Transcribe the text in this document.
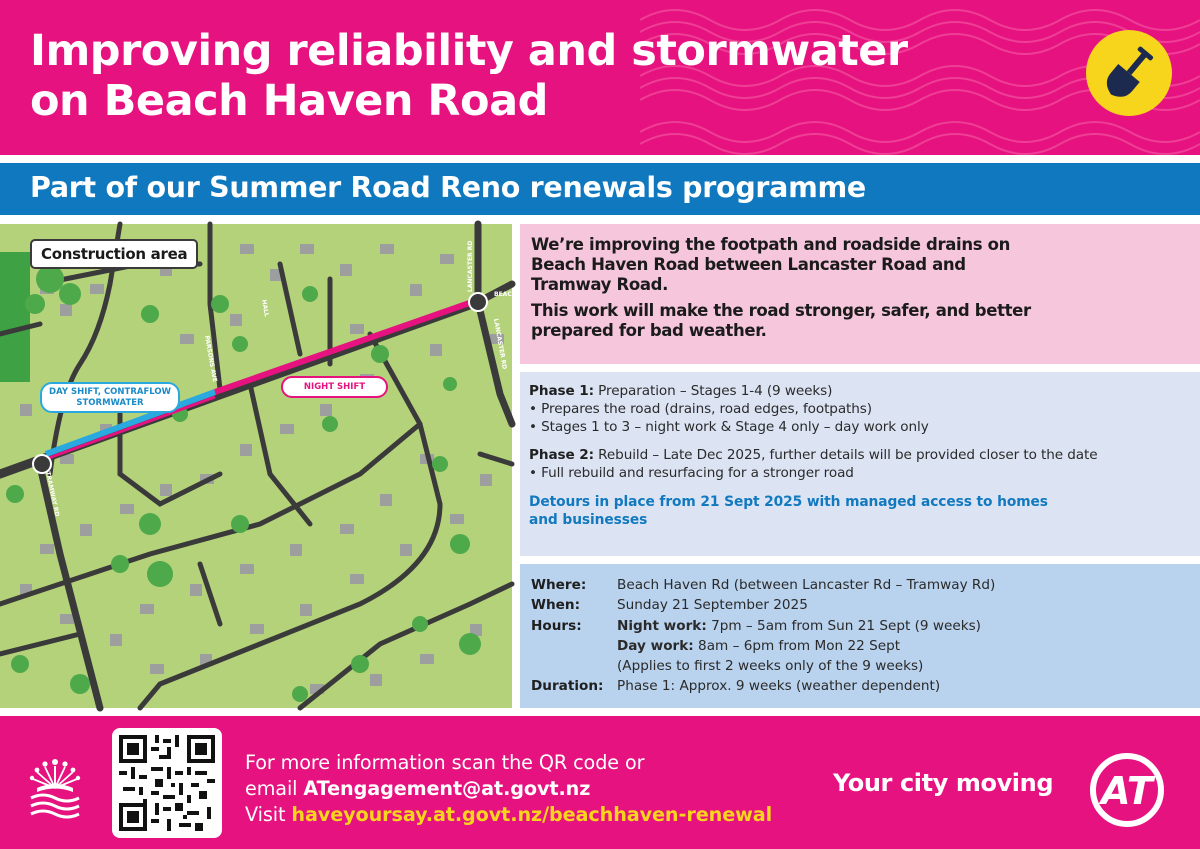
Improving reliability and stormwater
on Beach Haven Road
Part of our Summer Road Reno renewals programme
LANCASTER RD
BEACH
LANCASTER RD
PARSONS AVE
HALL
TRAMWAY RD
Construction area
DAY SHIFT, CONTRAFLOW
STORMWATER
NIGHT SHIFT

We’re improving the footpath and roadside drains on
Beach Haven Road between Lancaster Road and
Tramway Road.

This work will make the road stronger, safer, and better
prepared for bad weather.

Phase 1: Preparation – Stages 1-4 (9 weeks)
• Prepares the road (drains, road edges, footpaths)
• Stages 1 to 3 – night work & Stage 4 only – day work only
Phase 2: Rebuild – Late Dec 2025, further details will be provided closer to the date
• Full rebuild and resurfacing for a stronger road
Detours in place from 21 Sept 2025 with managed access to homes
and businesses
Where:	Beach Haven Rd (between Lancaster Rd – Tramway Rd)
When:	Sunday 21 September 2025
Hours:	Night work: 7pm – 5am from Sun 21 Sept (9 weeks)
Day work: 8am – 6pm from Mon 22 Sept
(Applies to first 2 weeks only of the 9 weeks)
Duration: Phase 1: Approx. 9 weeks (weather dependent)
For more information scan the QR code or
email ATengagement@at.govt.nz
Visit haveyoursay.at.govt.nz/beachhaven-renewal
Your city moving AT
